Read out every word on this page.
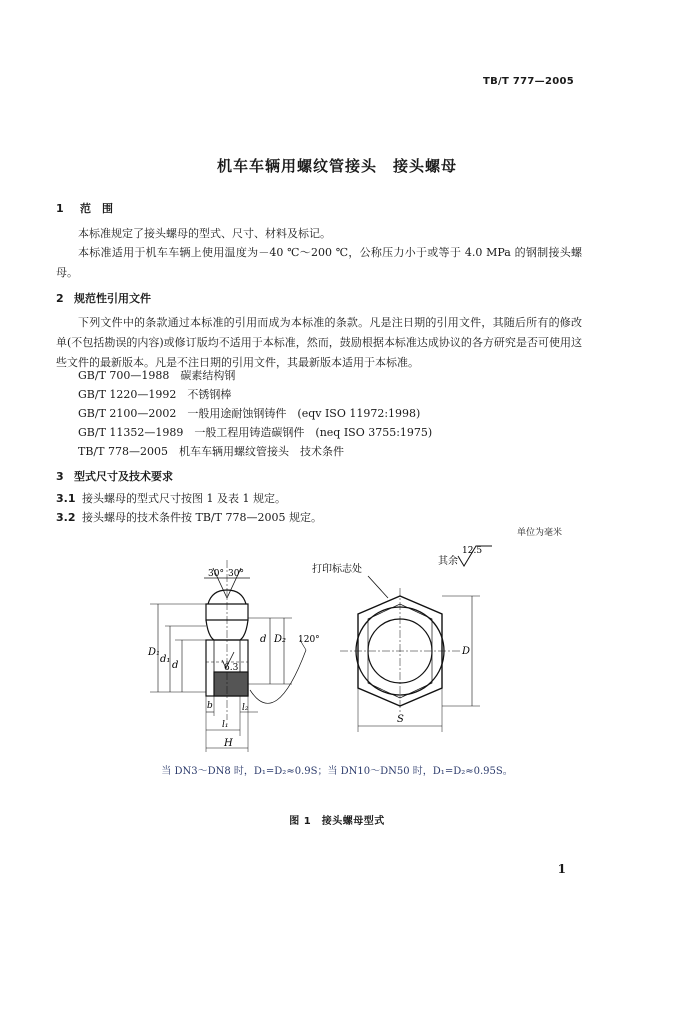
TB/T 777—2005
机车车辆用螺纹管接头　接头螺母
1 范　围
本标准规定了接头螺母的型式、尺寸、材料及标记。
本标准适用于机车车辆上使用温度为－40 ℃～200 ℃，公称压力小于或等于 4.0 MPa 的钢制接头螺母。
2 规范性引用文件
下列文件中的条款通过本标准的引用而成为本标准的条款。凡是注日期的引用文件，其随后所有的修改单(不包括勘误的内容)或修订版均不适用于本标准，然而，鼓励根据本标准达成协议的各方研究是否可使用这些文件的最新版本。凡是不注日期的引用文件，其最新版本适用于本标准。
GB/T 700—1988　碳素结构钢
GB/T 1220—1992　不锈钢棒
GB/T 2100—2002　一般用途耐蚀钢铸件　(eqv ISO 11972:1998)
GB/T 11352—1989　一般工程用铸造碳钢件　(neq ISO 3755:1975)
TB/T 778—2005　机车车辆用螺纹管接头　技术条件
3 型式尺寸及技术要求
3.1 接头螺母的型式尺寸按图 1 及表 1 规定。
3.2 接头螺母的技术条件按 TB/T 778—2005 规定。
单位为毫米
其余
12.5
打印标志处
30° 30°
120°
6.3
D₁
d₁
d
d D₂
b
l₁
l₂
H
D
S
当 DN3～DN8 时，D₁=D₂≈0.9S；当 DN10～DN50 时，D₁=D₂≈0.95S。
图 1　接头螺母型式
1
